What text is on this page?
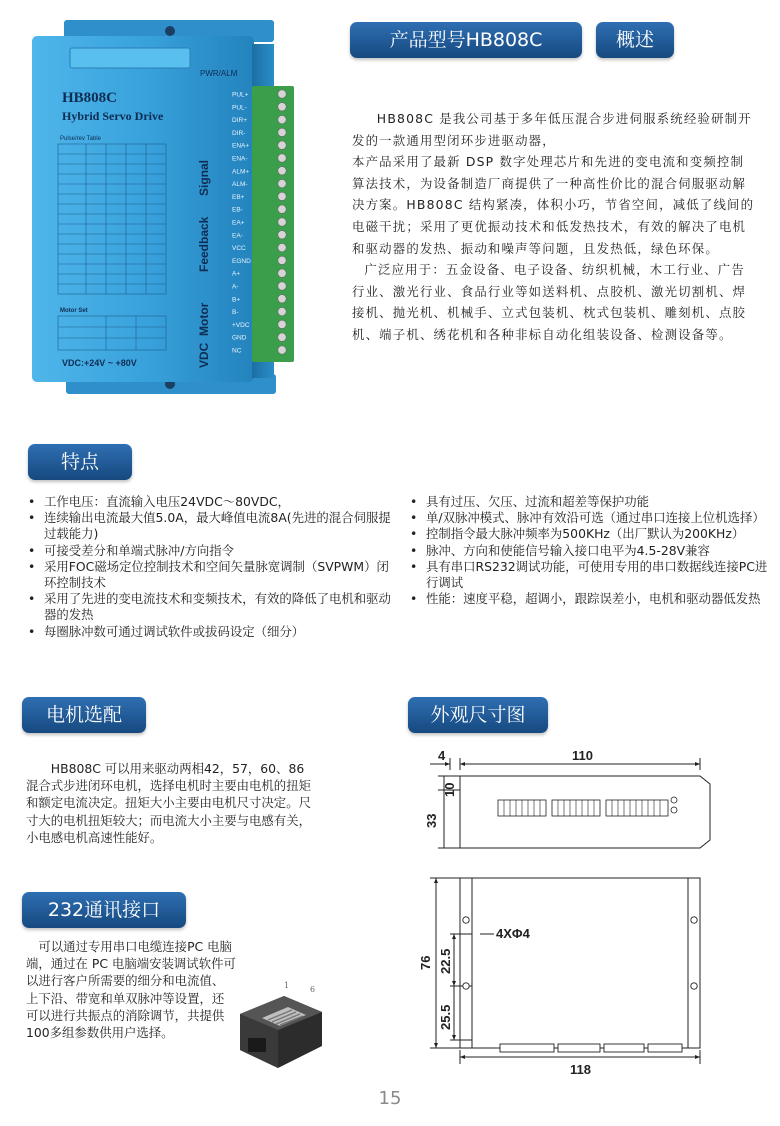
产品型号HB808C	概述
HB808C
Hybrid Servo Drive
PWR/ALM
Pulse/rev Table
Motor Set
VDC:+24V ~ +80V
Signal
Feedback
Motor
VDC
PUL+
PUL-
DIR+
DIR-
ENA+
ENA-
ALM+
ALM-
EB+
EB-
EA+
EA-
VCC
EGND
A+
A-
B+
B-
+VDC
GND
NC

HB808C 是我公司基于多年低压混合步进伺服系统经验研制开发的一款通用型闭环步进驱动器，

本产品采用了最新 DSP 数字处理芯片和先进的变电流和变频控制算法技术，为设备制造厂商提供了一种高性价比的混合伺服驱动解决方案。HB808C 结构紧凑，体积小巧，节省空间，减低了线间的电磁干扰；采用了更优振动技术和低发热技术，有效的解决了电机和驱动器的发热、振动和噪声等问题，且发热低，绿色环保。

广泛应用于：五金设备、电子设备、纺织机械，木工行业、广告行业、激光行业、食品行业等如送料机、点胶机、激光切割机、焊接机、抛光机、机械手、立式包装机、枕式包装机、雕刻机、点胶机、端子机、绣花机和各种非标自动化组装设备、检测设备等。

特点
• 工作电压：直流输入电压24VDC～80VDC，
• 连续输出电流最大值5.0A，最大峰值电流8A(先进的混合伺服提过载能力)
• 可接受差分和单端式脉冲/方向指令
• 采用FOC磁场定位控制技术和空间矢量脉宽调制（SVPWM）闭环控制技术
• 采用了先进的变电流技术和变频技术，有效的降低了电机和驱动器的发热
• 每圈脉冲数可通过调试软件或拔码设定（细分）
• 具有过压、欠压、过流和超差等保护功能
• 单/双脉冲模式、脉冲有效沿可选（通过串口连接上位机选择）
• 控制指令最大脉冲频率为500KHz（出厂默认为200KHz）
• 脉冲、方向和使能信号输入接口电平为4.5-28V兼容
• 具有串口RS232调试功能，可使用专用的串口数据线连接PC进行调试
• 性能：速度平稳，超调小，跟踪误差小，电机和驱动器低发热
电机选配
HB808C 可以用来驱动两相42，57，60、86混合式步进闭环电机，选择电机时主要由电机的扭矩和额定电流决定。扭矩大小主要由电机尺寸决定。尺寸大的电机扭矩较大；而电流大小主要与电感有关，小电感电机高速性能好。
232通讯接口
可以通过专用串口电缆连接PC 电脑端，通过在 PC 电脑端安装调试软件可以进行客户所需要的细分和电流值、上下沿、带宽和单双脉冲等设置，还可以进行共振点的消除调节，共提供100多组参数供用户选择。
1	6
外观尺寸图
4	110
33
10
4XΦ4
76 22.5
25.5
118
15
